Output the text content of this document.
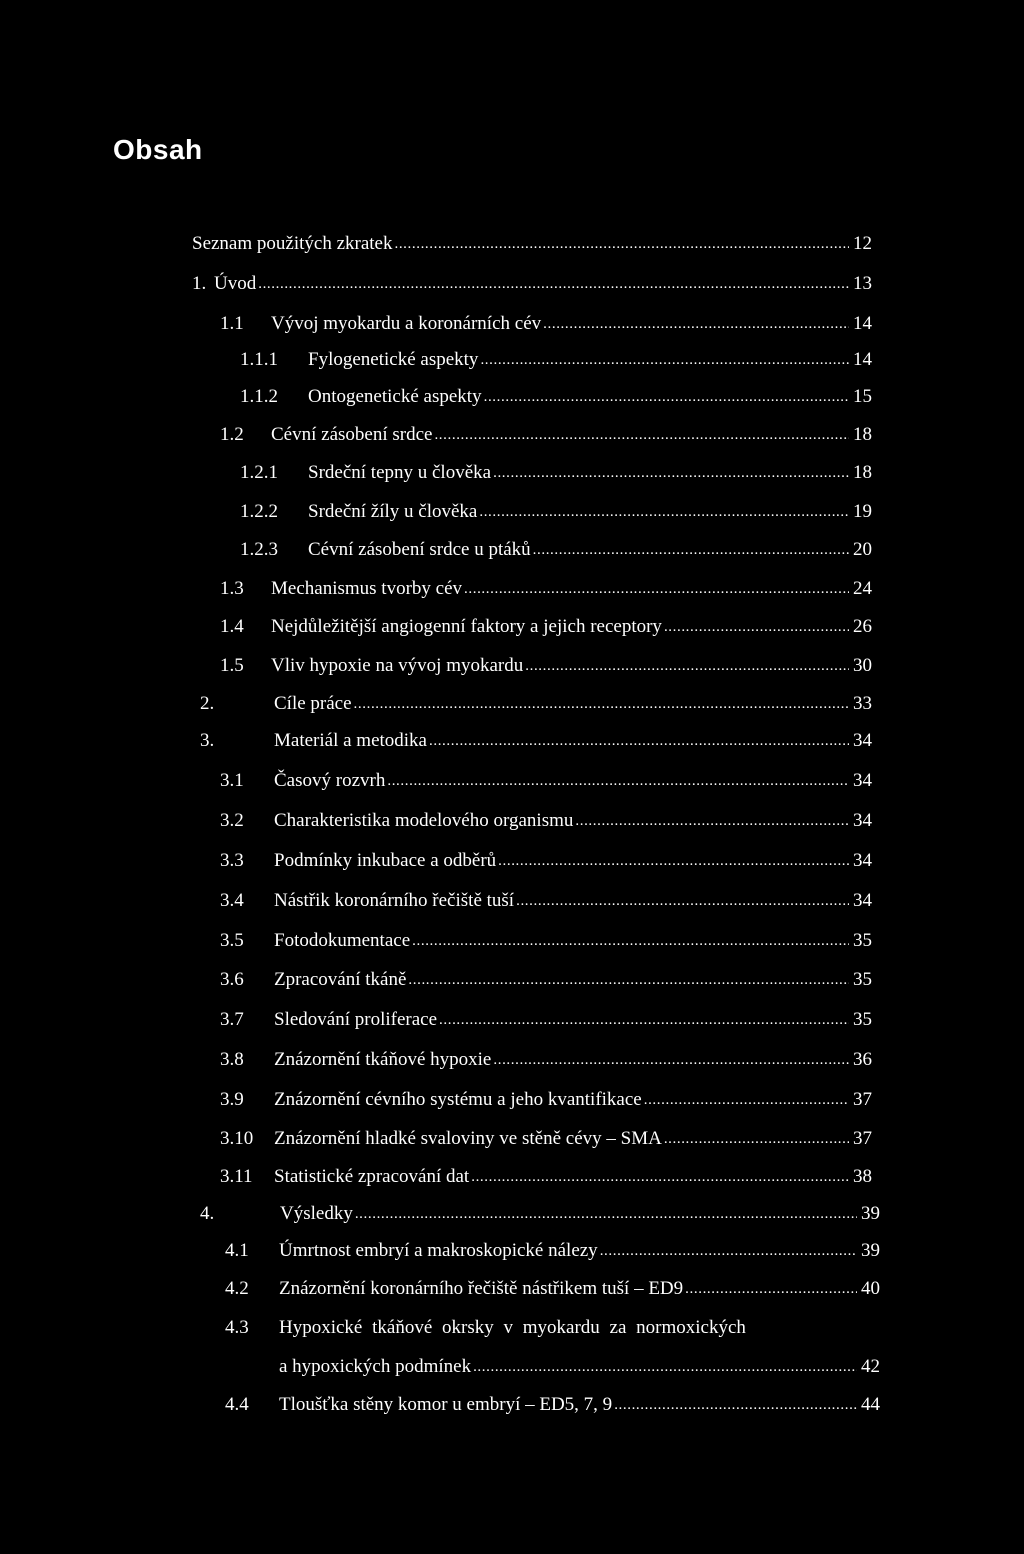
Obsah
Seznam použitých zkratek .....	12
1. Úvod .....	13
1.1	Vývoj myokardu a koronárních cév .....	14
1.1.1	Fylogenetické aspekty .....	14
1.1.2	Ontogenetické aspekty .....	15
1.2	Cévní zásobení srdce .....	18
1.2.1	Srdeční tepny u člověka .....	18
1.2.2	Srdeční žíly u člověka .....	19
1.2.3	Cévní zásobení srdce u ptáků .....	20
1.3	Mechanismus tvorby cév .....	24
1.4	Nejdůležitější angiogenní faktory a jejich receptory .....	26
1.5	Vliv hypoxie na vývoj myokardu .....	30
2.	Cíle práce .....	33
3.	Materiál a metodika .....	34
3.1	Časový rozvrh .....	34
3.2	Charakteristika modelového organismu .....	34
3.3	Podmínky inkubace a odběrů .....	34
3.4	Nástřik koronárního řečiště tuší .....	34
3.5	Fotodokumentace .....	35
3.6	Zpracování tkáně .....	35
3.7	Sledování proliferace .....	35
3.8	Znázornění tkáňové hypoxie .....	36
3.9	Znázornění cévního systému a jeho kvantifikace .....	37
3.10	Znázornění hladké svaloviny ve stěně cévy – SMA .....	37
3.11	Statistické zpracování dat .....	38
4.	Výsledky .....	39
4.1	Úmrtnost embryí a makroskopické nálezy .....	39
4.2	Znázornění koronárního řečiště nástřikem tuší – ED9 .....	40
4.3 Hypoxické tkáňové okrsky v myokardu za normoxických
a hypoxických podmínek .....	42
4.4	Tloušťka stěny komor u embryí – ED5, 7, 9 .....	44
